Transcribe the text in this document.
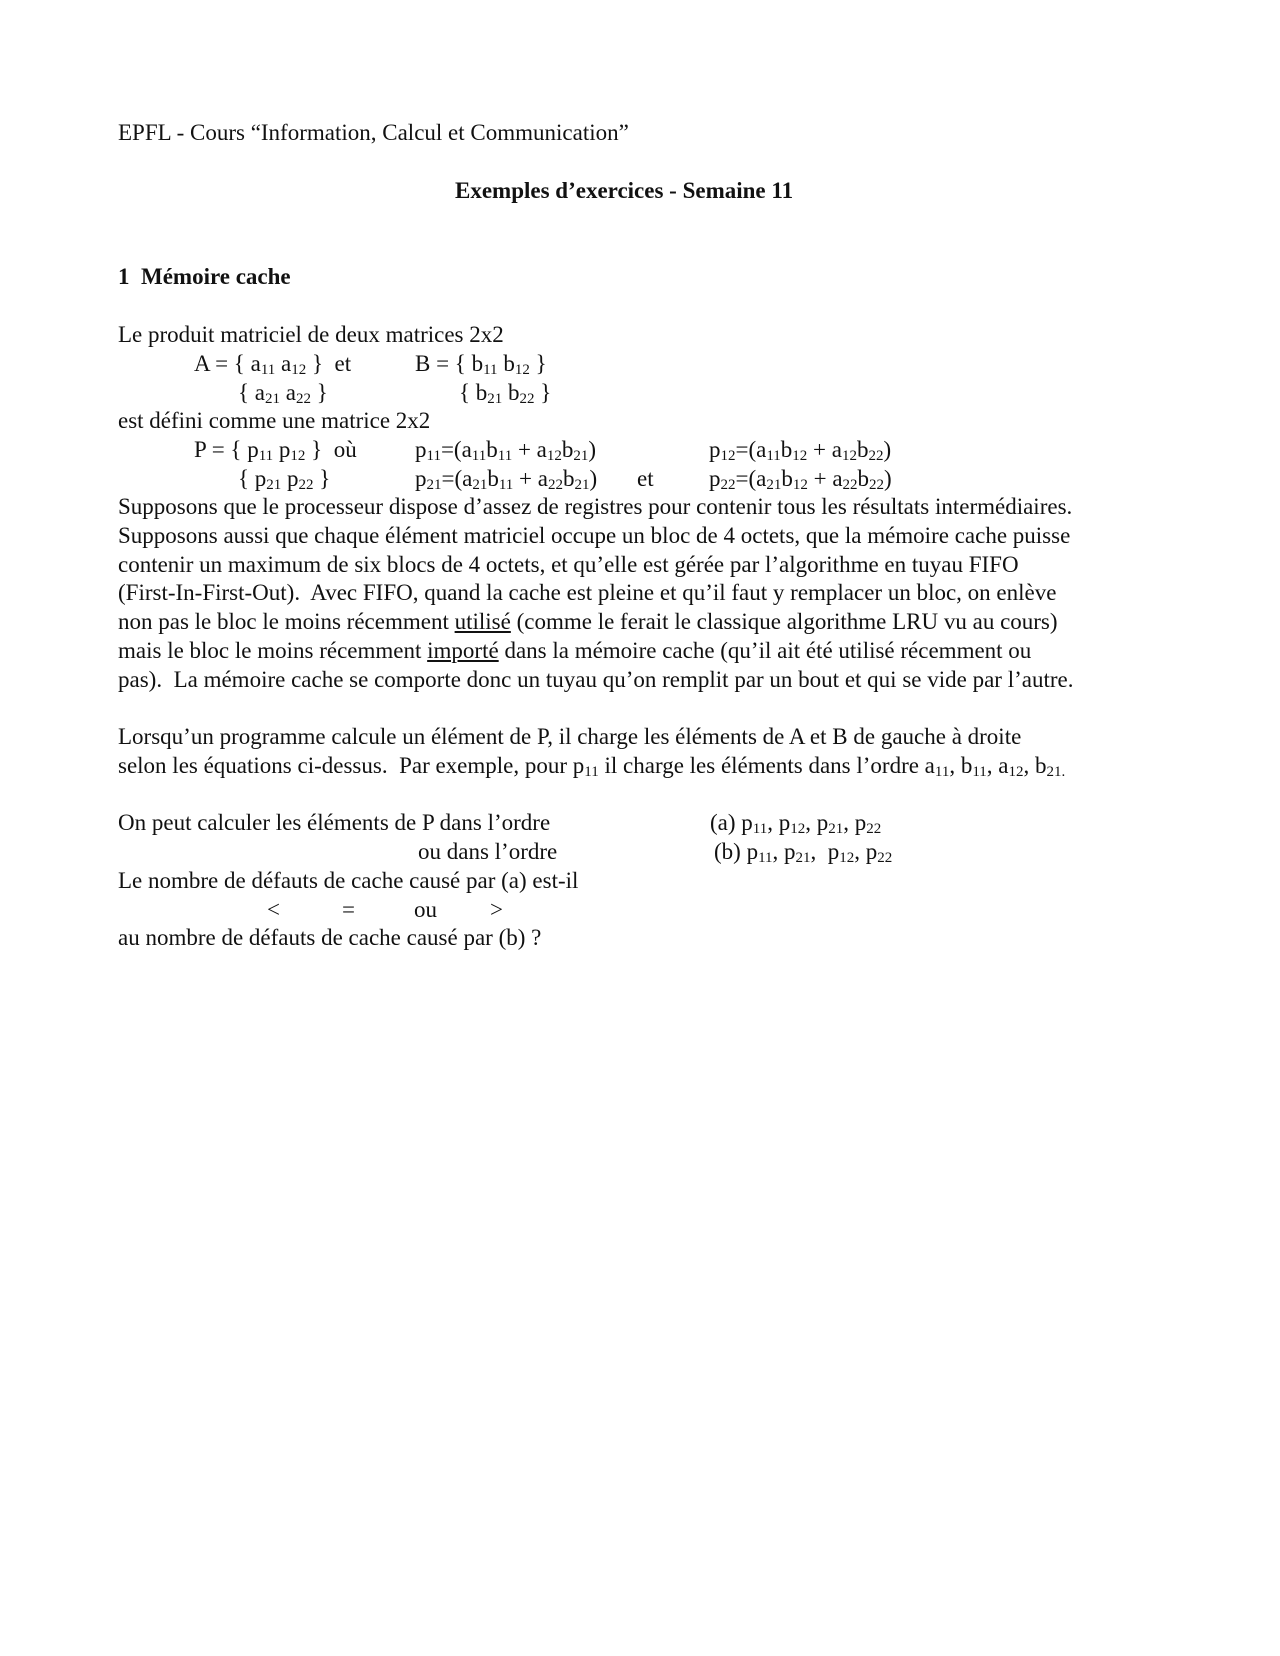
EPFL - Cours “Information, Calcul et Communication”

Exemples d’exercices - Semaine 11

1 Mémoire cache

Le produit matriciel de deux matrices 2x2

A = { $a_{11}$ $a_{12}$ } et	B = { $b_{11}$ $b_{12}$ }
{ $a_{21}$ $a_{22}$ }	{ $b_{21}$ $b_{22}$ }

est défini comme une matrice 2x2

P = { $p_{11}$ $p_{12}$ } où	$p_{11}=(a_{11}b_{11} + a_{12}b_{21})$	$p_{12}=(a_{11}b_{12} + a_{12}b_{22})$
{ $p_{21}$ $p_{22}$ }	$p_{21}=(a_{21}b_{11} + a_{22}b_{21})$ et $p_{22}=(a_{21}b_{12} + a_{22}b_{22})$

Supposons que le processeur dispose d’assez de registres pour contenir tous les résultats intermédiaires.

Supposons aussi que chaque élément matriciel occupe un bloc de 4 octets, que la mémoire cache puisse

contenir un maximum de six blocs de 4 octets, et qu’elle est gérée par l’algorithme en tuyau FIFO

(First-In-First-Out).  Avec FIFO, quand la cache est pleine et qu’il faut y remplacer un bloc, on enlève

non pas le bloc le moins récemment utilisé (comme le ferait le classique algorithme LRU vu au cours)

mais le bloc le moins récemment importé dans la mémoire cache (qu’il ait été utilisé récemment ou

pas).  La mémoire cache se comporte donc un tuyau qu’on remplit par un bout et qui se vide par l’autre.

Lorsqu’un programme calcule un élément de P, il charge les éléments de A et B de gauche à droite

selon les équations ci-dessus.  Par exemple, pour $p_{11}$ il charge les éléments dans l’ordre $a_{11}$, $b_{11}$, $a_{12}$, b21.

On peut calculer les éléments de P dans l’ordre	(a) $p_{11}$, $p_{12}$, $p_{21}$, $p_{22}$

ou dans l’ordre	(b) $p_{11}$, $p_{21}$,  $p_{12}$, $p_{22}$

Le nombre de défauts de cache causé par (a) est-il

<	=	ou >

au nombre de défauts de cache causé par (b) ?
